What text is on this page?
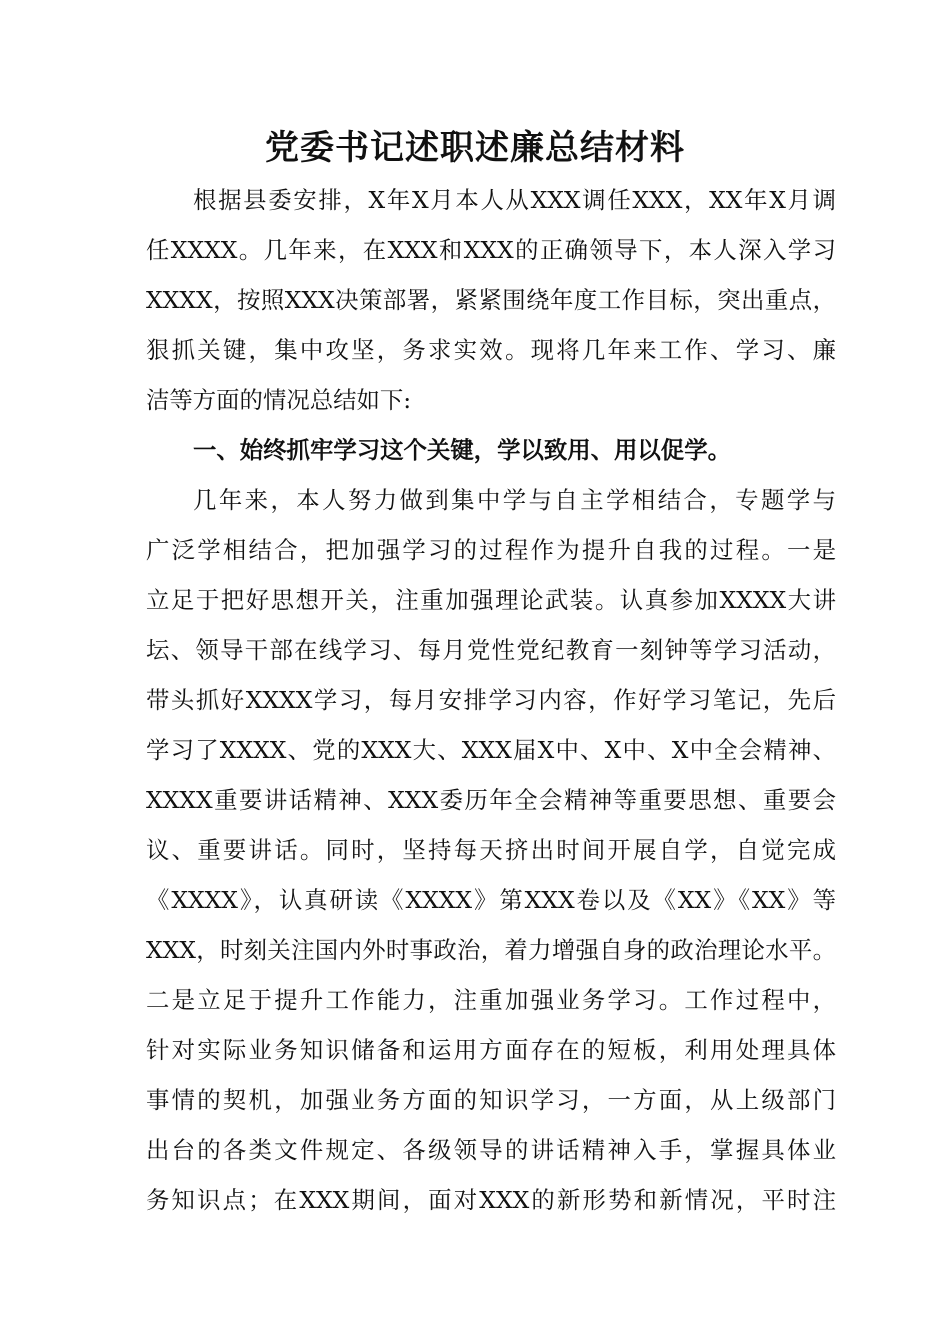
党委书记述职述廉总结材料
根据县委安排，X年X月本人从XXX调任XXX，XX年X月调
任XXXX。几年来，在XXX和XXX的正确领导下，本人深入学习
XXXX，按照XXX决策部署，紧紧围绕年度工作目标，突出重点，
狠抓关键，集中攻坚，务求实效。现将几年来工作、学习、廉
洁等方面的情况总结如下:
一、始终抓牢学习这个关键，学以致用、用以促学。
几年来，本人努力做到集中学与自主学相结合，专题学与
广泛学相结合，把加强学习的过程作为提升自我的过程。一是
立足于把好思想开关，注重加强理论武装。认真参加XXXX大讲
坛、领导干部在线学习、每月党性党纪教育一刻钟等学习活动，
带头抓好XXXX学习，每月安排学习内容，作好学习笔记，先后
学习了XXXX、党的XXX大、XXX届X中、X中、X中全会精神、
XXXX重要讲话精神、XXX委历年全会精神等重要思想、重要会
议、重要讲话。同时，坚持每天挤出时间开展自学，自觉完成
《XXXX》，认真研读《XXXX》第XXX卷以及《XX》《XX》等
XXX，时刻关注国内外时事政治，着力增强自身的政治理论水平。
二是立足于提升工作能力，注重加强业务学习。工作过程中，
针对实际业务知识储备和运用方面存在的短板，利用处理具体
事情的契机，加强业务方面的知识学习，一方面，从上级部门
出台的各类文件规定、各级领导的讲话精神入手，掌握具体业
务知识点；在XXX期间，面对XXX的新形势和新情况，平时注
